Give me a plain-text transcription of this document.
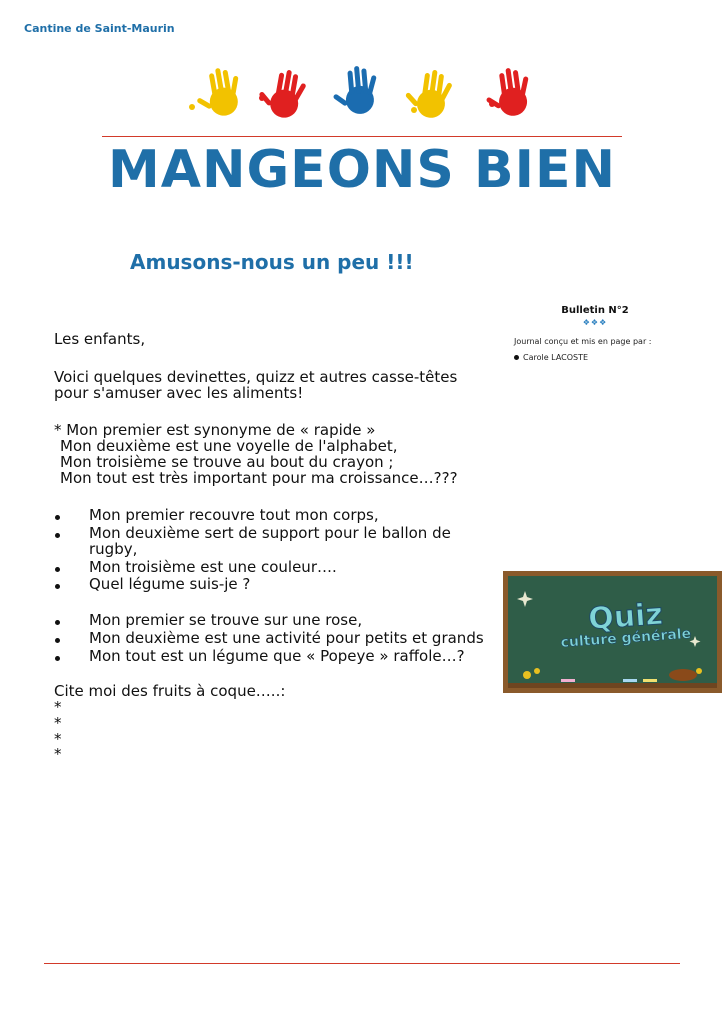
Cantine de Saint-Maurin
MANGEONS BIEN
Amusons-nous un peu !!!
Bulletin N°2
❖❖❖
Journal conçu et mis en page par :
Carole LACOSTE

Les enfants,

Voici quelques devinettes, quizz et autres casse-têtes

pour s'amuser avec les aliments!

* Mon premier est synonyme de « rapide »

Mon deuxième est une voyelle de l'alphabet,

Mon troisième se trouve au bout du crayon ;

Mon tout est très important pour ma croissance…???

Mon premier recouvre tout mon corps,
Mon deuxième sert de support pour le ballon de rugby,
Mon troisième est une couleur….
Quel légume suis-je ?
Mon premier se trouve sur une rose,
Mon deuxième est une activité pour petits et grands
Mon tout est un légume que « Popeye » raffole…?

Cite moi des fruits à coque…..:

*

*

*

*

Quiz
culture générale
